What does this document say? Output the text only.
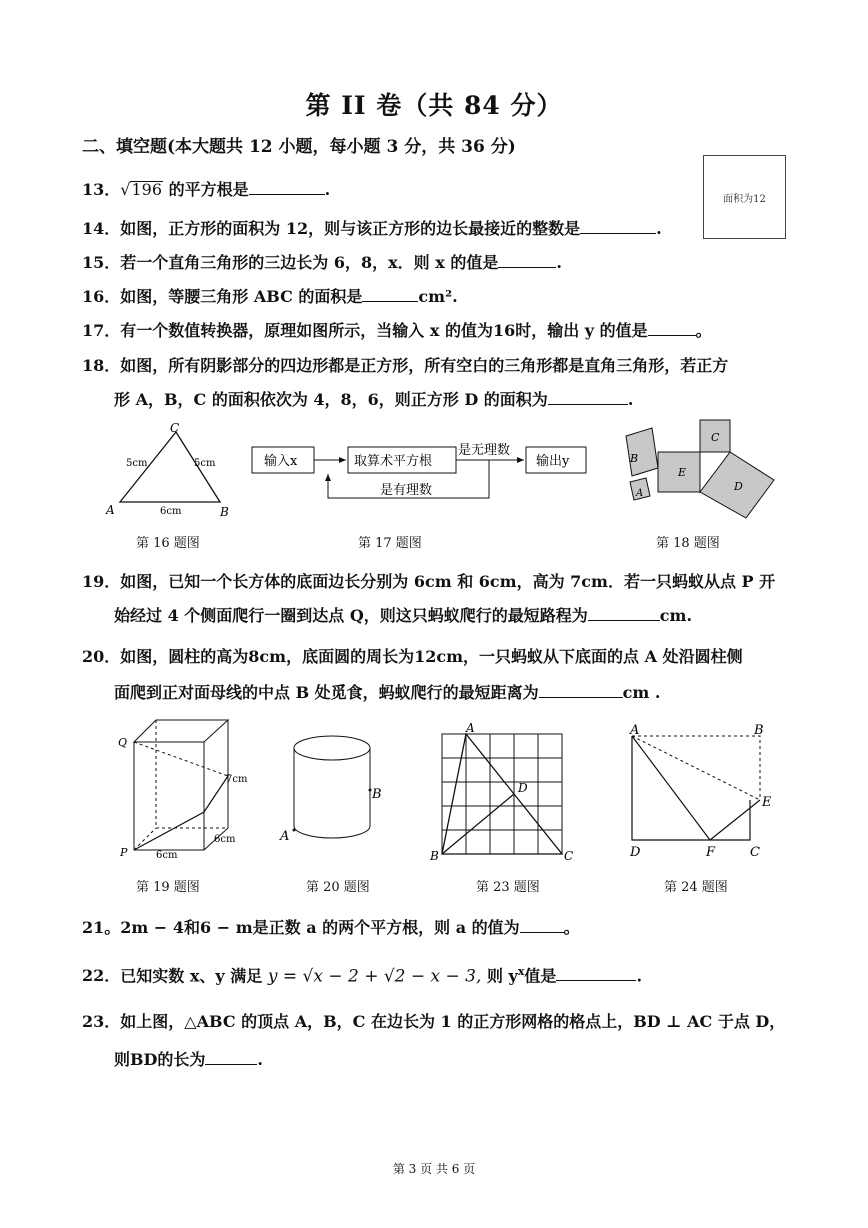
第 II 卷（共 84 分）
二、填空题(本大题共 12 小题，每小题 3 分，共 36 分)
面积为12
13．√196 的平方根是	.
14．如图，正方形的面积为 12，则与该正方形的边长最接近的整数是	.
15．若一个直角三角形的三边长为 6，8，x．则 x 的值是	.
16．如图，等腰三角形 ABC 的面积是	cm².
17．有一个数值转换器，原理如图所示，当输入 x 的值为16时，输出 y 的值是	。
18．如图，所有阴影部分的四边形都是正方形，所有空白的三角形都是直角三角形，若正方
形 A，B，C 的面积依次为 4，8，6，则正方形 D 的面积为	.
C
A	B
5cm	5cm
6cm
第 16 题图
输入x	取算术平方根	输出y
是无理数
是有理数
第 17 题图
E
C
D
B
A
第 18 题图
19．如图，已知一个长方体的底面边长分别为 6cm 和 6cm，高为 7cm．若一只蚂蚁从点 P 开
始经过 4 个侧面爬行一圈到达点 Q，则这只蚂蚁爬行的最短路程为	cm.
20．如图，圆柱的高为8cm，底面圆的周长为12cm，一只蚂蚁从下底面的点 A 处沿圆柱侧
面爬到正对面母线的中点 B 处觅食，蚂蚁爬行的最短距离为	cm .
Q
P
7cm
6cm
6cm
第 19 题图
A
B
第 20 题图
A
B	C
D
第 23 题图
A	B
E
D	F	C
第 24 题图
21。2m − 4和6 − m是正数 a 的两个平方根，则 a 的值为	。
22．已知实数 x、y 满足 y = √x − 2 + √2 − x − 3, 则 $y^x$值是	.
23．如上图，△ABC 的顶点 A，B，C 在边长为 1 的正方形网格的格点上，BD ⊥ AC 于点 D，
则BD的长为	.
第 3 页 共 6 页
